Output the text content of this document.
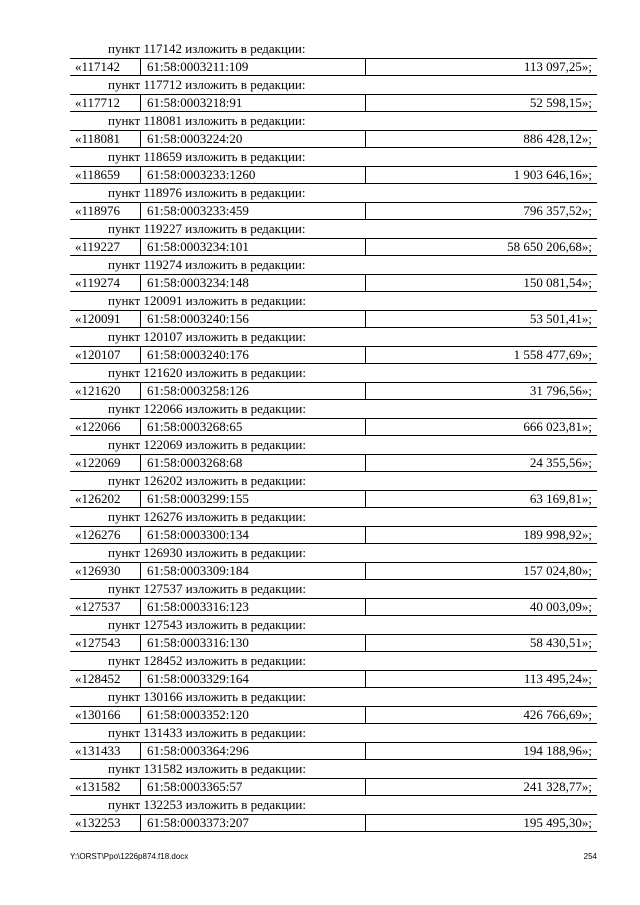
пункт 117142 изложить в редакции:
«117142	61:58:0003211:109	113 097,25»;
пункт 117712 изложить в редакции:
«117712	61:58:0003218:91	52 598,15»;
пункт 118081 изложить в редакции:
«118081	61:58:0003224:20	886 428,12»;
пункт 118659 изложить в редакции:
«118659	61:58:0003233:1260	1 903 646,16»;
пункт 118976 изложить в редакции:
«118976	61:58:0003233:459	796 357,52»;
пункт 119227 изложить в редакции:
«119227	61:58:0003234:101	58 650 206,68»;
пункт 119274 изложить в редакции:
«119274	61:58:0003234:148	150 081,54»;
пункт 120091 изложить в редакции:
«120091	61:58:0003240:156	53 501,41»;
пункт 120107 изложить в редакции:
«120107	61:58:0003240:176	1 558 477,69»;
пункт 121620 изложить в редакции:
«121620	61:58:0003258:126	31 796,56»;
пункт 122066 изложить в редакции:
«122066	61:58:0003268:65	666 023,81»;
пункт 122069 изложить в редакции:
«122069	61:58:0003268:68	24 355,56»;
пункт 126202 изложить в редакции:
«126202	61:58:0003299:155	63 169,81»;
пункт 126276 изложить в редакции:
«126276	61:58:0003300:134	189 998,92»;
пункт 126930 изложить в редакции:
«126930	61:58:0003309:184	157 024,80»;
пункт 127537 изложить в редакции:
«127537	61:58:0003316:123	40 003,09»;
пункт 127543 изложить в редакции:
«127543	61:58:0003316:130	58 430,51»;
пункт 128452 изложить в редакции:
«128452	61:58:0003329:164	113 495,24»;
пункт 130166 изложить в редакции:
«130166	61:58:0003352:120	426 766,69»;
пункт 131433 изложить в редакции:
«131433	61:58:0003364:296	194 188,96»;
пункт 131582 изложить в редакции:
«131582	61:58:0003365:57	241 328,77»;
пункт 132253 изложить в редакции:
«132253	61:58:0003373:207	195 495,30»;
Y:\ORST\Ppo\1226p874.f18.docx	254
